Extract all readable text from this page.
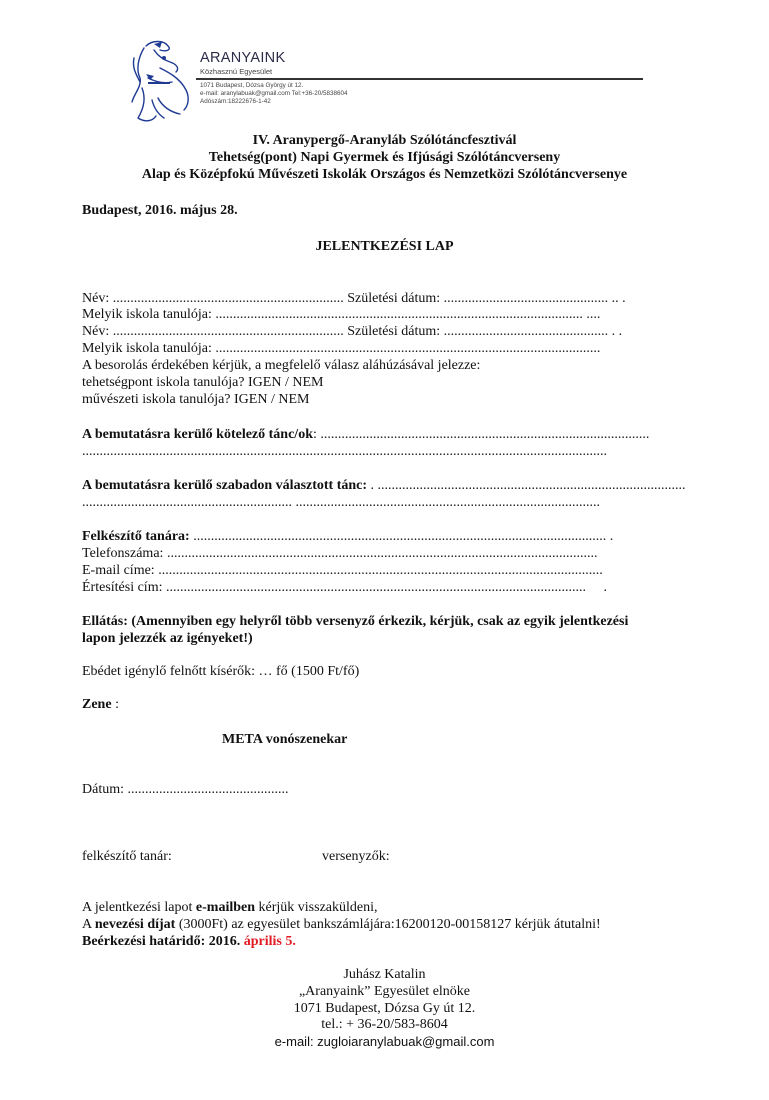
ARANYAINK
Közhasznú Egyesület
1071 Budapest, Dózsa György út 12.
e-mail: aranylabuak@gmail.com Tel:+36-20/5838604
Adószám:18222676-1-42
IV. Aranypergő-Aranyláb Szólótáncfesztivál
Tehetség(pont) Napi Gyermek és Ifjúsági Szólótáncverseny
Alap és Középfokú Művészeti Iskolák Országos és Nemzetközi Szólótáncversenye
Budapest, 2016. május 28.
JELENTKEZÉSI LAP
Név: .................................................................. Születési dátum: ............................................... .. .
Melyik iskola tanulója: ......................................................................................................... ....
Név: .................................................................. Születési dátum: ............................................... . .
Melyik iskola tanulója: ..............................................................................................................
A besorolás érdekében kérjük, a megfelelő válasz aláhúzásával jelezze:
tehetségpont iskola tanulója? IGEN / NEM
művészeti iskola tanulója? IGEN / NEM
A bemutatásra kerülő kötelező tánc/ok: ..............................................................................................
......................................................................................................................................................
A bemutatásra kerülő szabadon választott tánc: . ........................................................................................
............................................................ .......................................................................................
Felkészítő tanára: ...................................................................................................................... .
Telefonszáma: ...........................................................................................................................
E-mail címe: ...............................................................................................................................
Értesítési cím: ........................................................................................................................     .
Ellátás: (Amennyiben egy helyről több versenyző érkezik, kérjük, csak az egyik jelentkezési
lapon jelezzék az igényeket!)
Ebédet igénylő felnőtt kísérők: … fő (1500 Ft/fő)
Zene :
META vonószenekar
Dátum: ..............................................
felkészítő tanár:	versenyzők:
A jelentkezési lapot e-mailben kérjük visszaküldeni,
A nevezési díjat (3000Ft) az egyesület bankszámlájára:16200120-00158127 kérjük átutalni!
Beérkezési határidő: 2016. április 5.
Juhász Katalin
„Aranyaink” Egyesület elnöke
1071 Budapest, Dózsa Gy út 12.
tel.: + 36-20/583-8604
e-mail: zugloiaranylabuak@gmail.com
